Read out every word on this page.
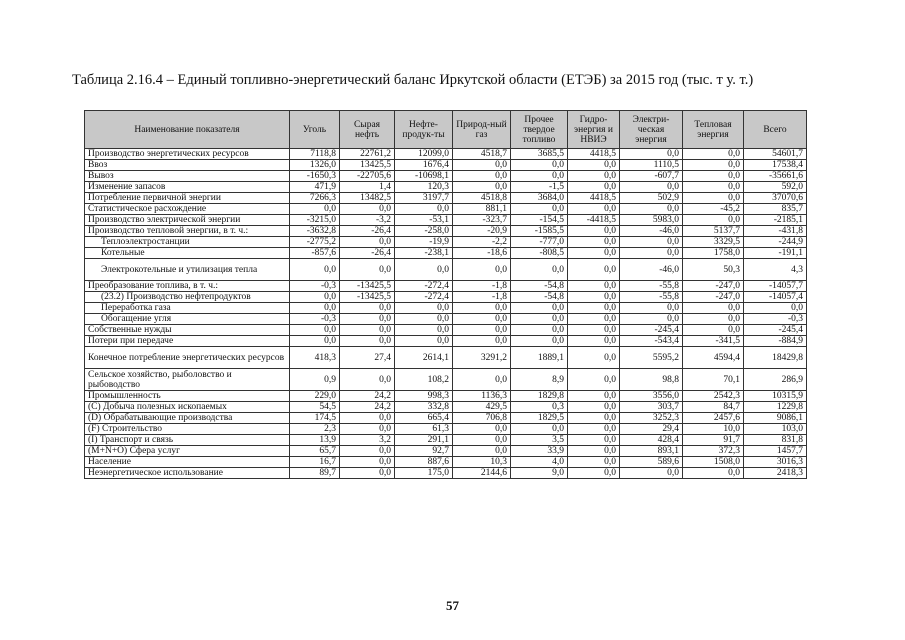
Таблица 2.16.4 – Единый топливно-энергетический баланс Иркутской области (ЕТЭБ) за 2015 год (тыс. т у. т.)
Наименование показателя	Уголь	Сырая нефть	Нефте-продук-ты	Природ-ный газ	Прочее твердое топливо	Гидро-энергия и НВИЭ	Электри-ческая энергия	Тепловая энергия	Всего
Производство энергетических ресурсов	7118,8	22761,2	12099,0	4518,7	3685,5	4418,5	0,0	0,0	54601,7
Ввоз	1326,0	13425,5	1676,4	0,0	0,0	0,0	1110,5	0,0	17538,4
Вывоз	-1650,3	-22705,6	-10698,1	0,0	0,0	0,0	-607,7	0,0	-35661,6
Изменение запасов	471,9	1,4	120,3	0,0	-1,5	0,0	0,0	0,0	592,0
Потребление первичной энергии	7266,3	13482,5	3197,7	4518,8	3684,0	4418,5	502,9	0,0	37070,6
Статистическое расхождение	0,0	0,0	0,0	881,1	0,0	0,0	0,0	-45,2	835,7
Производство электрической энергии	-3215,0	-3,2	-53,1	-323,7	-154,5	-4418,5	5983,0	0,0	-2185,1
Производство тепловой энергии, в т. ч.:	-3632,8	-26,4	-258,0	-20,9	-1585,5	0,0	-46,0	5137,7	-431,8
Теплоэлектростанции	-2775,2	0,0	-19,9	-2,2	-777,0	0,0	0,0	3329,5	-244,9
Котельные	-857,6	-26,4	-238,1	-18,6	-808,5	0,0	0,0	1758,0	-191,1
Электрокотельные и утилизация тепла	0,0	0,0	0,0	0,0	0,0	0,0	-46,0	50,3	4,3
Преобразование топлива, в т. ч.:	-0,3	-13425,5	-272,4	-1,8	-54,8	0,0	-55,8	-247,0	-14057,7
(23.2) Производство нефтепродуктов	0,0	-13425,5	-272,4	-1,8	-54,8	0,0	-55,8	-247,0	-14057,4
Переработка газа	0,0	0,0	0,0	0,0	0,0	0,0	0,0	0,0	0,0
Обогащение угля	-0,3	0,0	0,0	0,0	0,0	0,0	0,0	0,0	-0,3
Собственные нужды	0,0	0,0	0,0	0,0	0,0	0,0	-245,4	0,0	-245,4
Потери при передаче	0,0	0,0	0,0	0,0	0,0	0,0	-543,4	-341,5	-884,9
Конечное потребление энергетических ресурсов	418,3	27,4	2614,1	3291,2	1889,1	0,0	5595,2	4594,4	18429,8
Сельское хозяйство, рыболовство и рыбоводство	0,9	0,0	108,2	0,0	8,9	0,0	98,8	70,1	286,9
Промышленность	229,0	24,2	998,3	1136,3	1829,8	0,0	3556,0	2542,3	10315,9
(C) Добыча полезных ископаемых	54,5	24,2	332,8	429,5	0,3	0,0	303,7	84,7	1229,8
(D) Обрабатывающие производства	174,5	0,0	665,4	706,8	1829,5	0,0	3252,3	2457,6	9086,1
(F) Строительство	2,3	0,0	61,3	0,0	0,0	0,0	29,4	10,0	103,0
(I) Транспорт и связь	13,9	3,2	291,1	0,0	3,5	0,0	428,4	91,7	831,8
(M+N+O) Сфера услуг	65,7	0,0	92,7	0,0	33,9	0,0	893,1	372,3	1457,7
Население	16,7	0,0	887,6	10,3	4,0	0,0	589,6	1508,0	3016,3
Неэнергетическое использование	89,7	0,0	175,0	2144,6	9,0	0,0	0,0	0,0	2418,3
57
